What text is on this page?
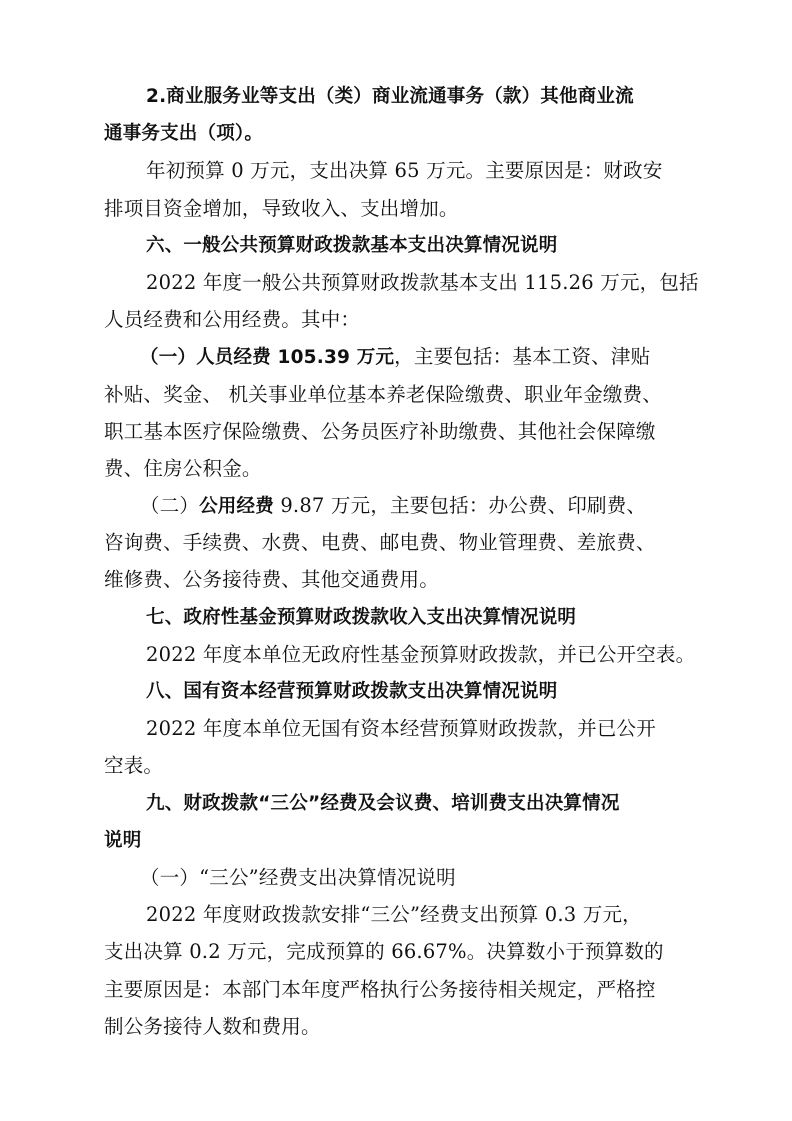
2.商业服务业等支出（类）商业流通事务（款）其他商业流
通事务支出（项）。
年初预算 0 万元，支出决算 65 万元。主要原因是：财政安
排项目资金增加，导致收入、支出增加。
六、一般公共预算财政拨款基本支出决算情况说明
2022 年度一般公共预算财政拨款基本支出 115.26 万元，包括
人员经费和公用经费。其中：
（一）人员经费 105.39 万元，主要包括：基本工资、津贴
补贴、奖金、 机关事业单位基本养老保险缴费、职业年金缴费、
职工基本医疗保险缴费、公务员医疗补助缴费、其他社会保障缴
费、住房公积金。
（二）公用经费 9.87 万元，主要包括：办公费、印刷费、
咨询费、手续费、水费、电费、邮电费、物业管理费、差旅费、
维修费、公务接待费、其他交通费用。
七、政府性基金预算财政拨款收入支出决算情况说明
2022 年度本单位无政府性基金预算财政拨款，并已公开空表。
八、国有资本经营预算财政拨款支出决算情况说明
2022 年度本单位无国有资本经营预算财政拨款，并已公开
空表。
九、财政拨款“三公”经费及会议费、培训费支出决算情况
说明
（一）“三公”经费支出决算情况说明
2022 年度财政拨款安排“三公”经费支出预算 0.3 万元，
支出决算 0.2 万元，完成预算的 66.67%。决算数小于预算数的
主要原因是：本部门本年度严格执行公务接待相关规定，严格控
制公务接待人数和费用。
